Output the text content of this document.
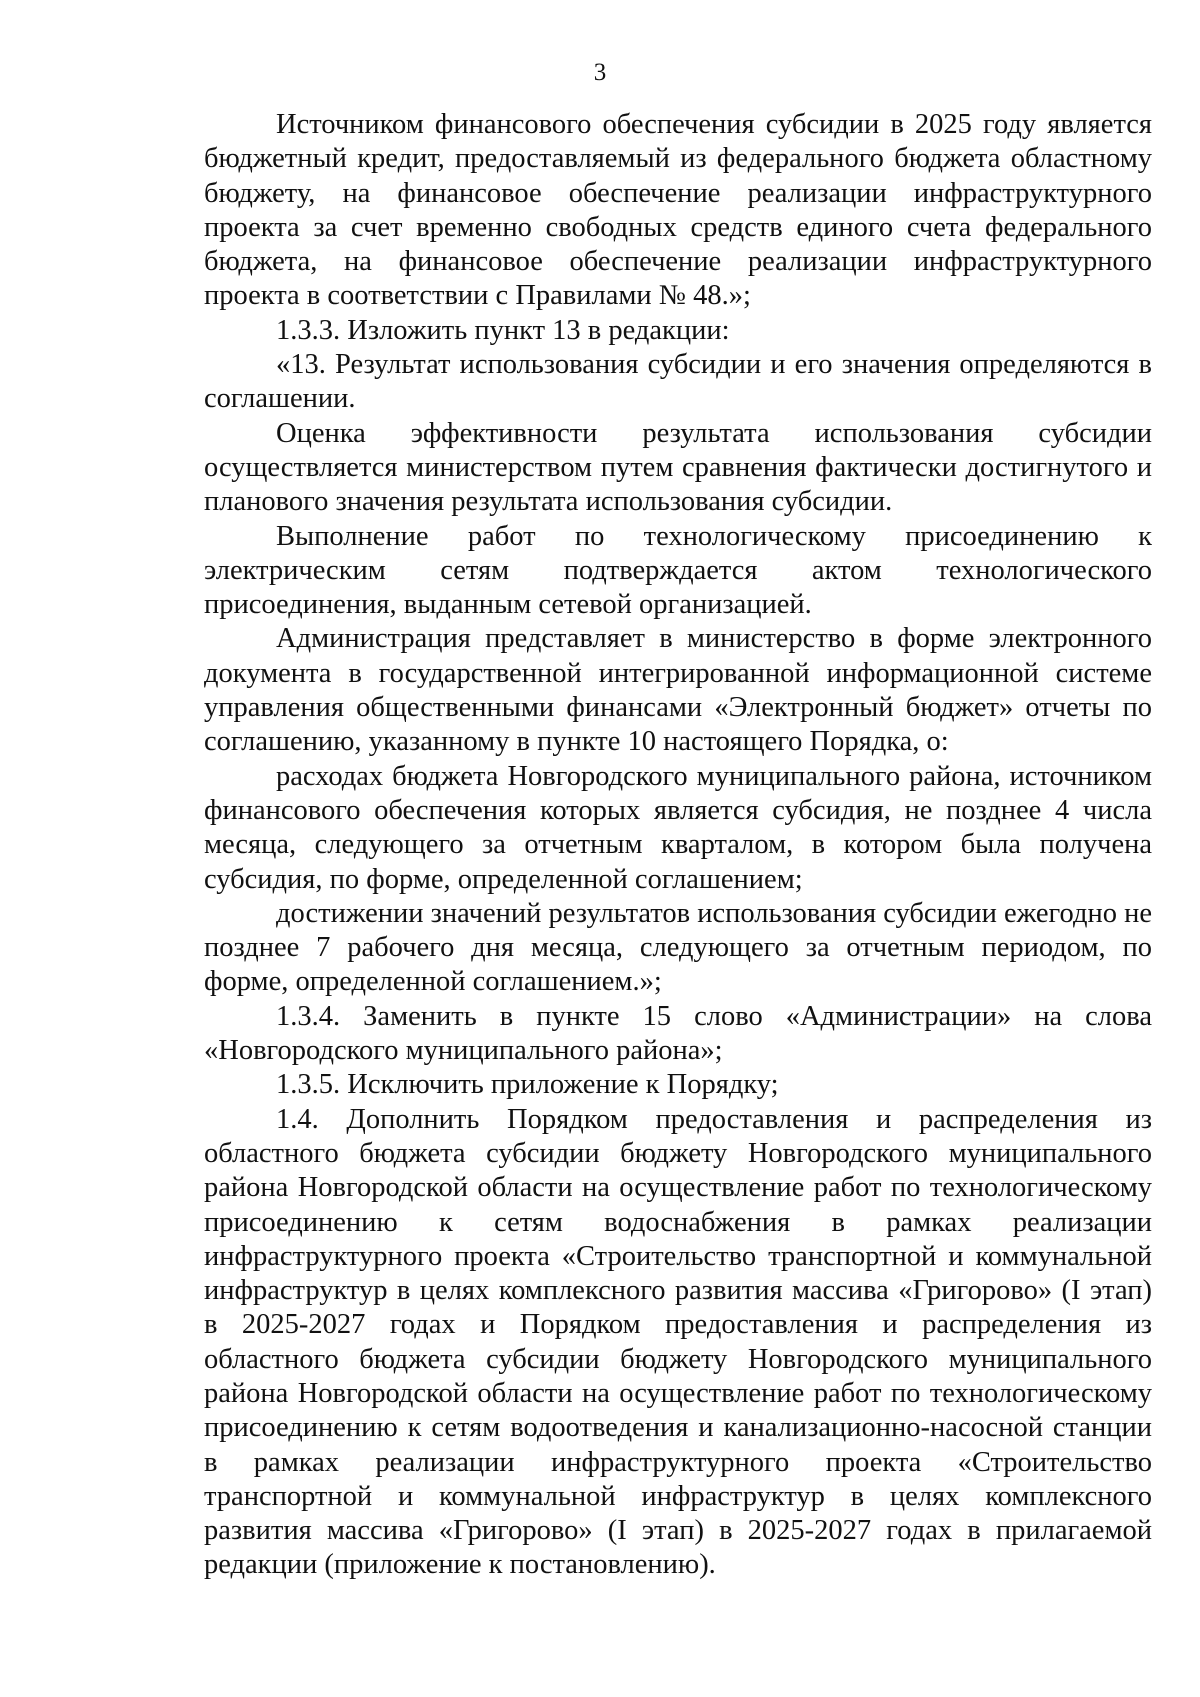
3

Источником финансового обеспечения субсидии в 2025 году является бюджетный кредит, предоставляемый из федерального бюджета областному бюджету, на финансовое обеспечение реализации инфраструктурного проекта за счет временно свободных средств единого счета федерального бюджета, на финансовое обеспечение реализации инфраструктурного проекта в соответствии с Правилами № 48.»;

1.3.3. Изложить пункт 13 в редакции:

«13. Результат использования субсидии и его значения определяются в соглашении.

Оценка эффективности результата использования субсидии осуществляется министерством путем сравнения фактически достигнутого и планового значения результата использования субсидии.

Выполнение работ по технологическому присоединению к электрическим сетям подтверждается актом технологического присоединения, выданным сетевой организацией.

Администрация представляет в министерство в форме электронного документа в государственной интегрированной информационной системе управления общественными финансами «Электронный бюджет» отчеты по соглашению, указанному в пункте 10 настоящего Порядка, о:

расходах бюджета Новгородского муниципального района, источником финансового обеспечения которых является субсидия, не позднее 4 числа месяца, следующего за отчетным кварталом, в котором была получена субсидия, по форме, определенной соглашением;

достижении значений результатов использования субсидии ежегодно не позднее 7 рабочего дня месяца, следующего за отчетным периодом, по форме, определенной соглашением.»;

1.3.4. Заменить в пункте 15 слово «Администрации» на слова «Новгородского муниципального района»;

1.3.5. Исключить приложение к Порядку;

1.4. Дополнить Порядком предоставления и распределения из областного бюджета субсидии бюджету Новгородского муниципального района Новгородской области на осуществление работ по технологическому присоединению к сетям водоснабжения в рамках реализации инфраструктурного проекта «Строительство транспортной и коммунальной инфраструктур в целях комплексного развития массива «Григорово» (I этап) в 2025-2027 годах и Порядком предоставления и распределения из областного бюджета субсидии бюджету Новгородского муниципального района Новгородской области на осуществление работ по технологическому присоединению к сетям водоотведения и канализационно-насосной станции в рамках реализации инфраструктурного проекта «Строительство транспортной и коммунальной инфраструктур в целях комплексного развития массива «Григорово» (I этап) в 2025-2027 годах в прилагаемой редакции (приложение к постановлению).
